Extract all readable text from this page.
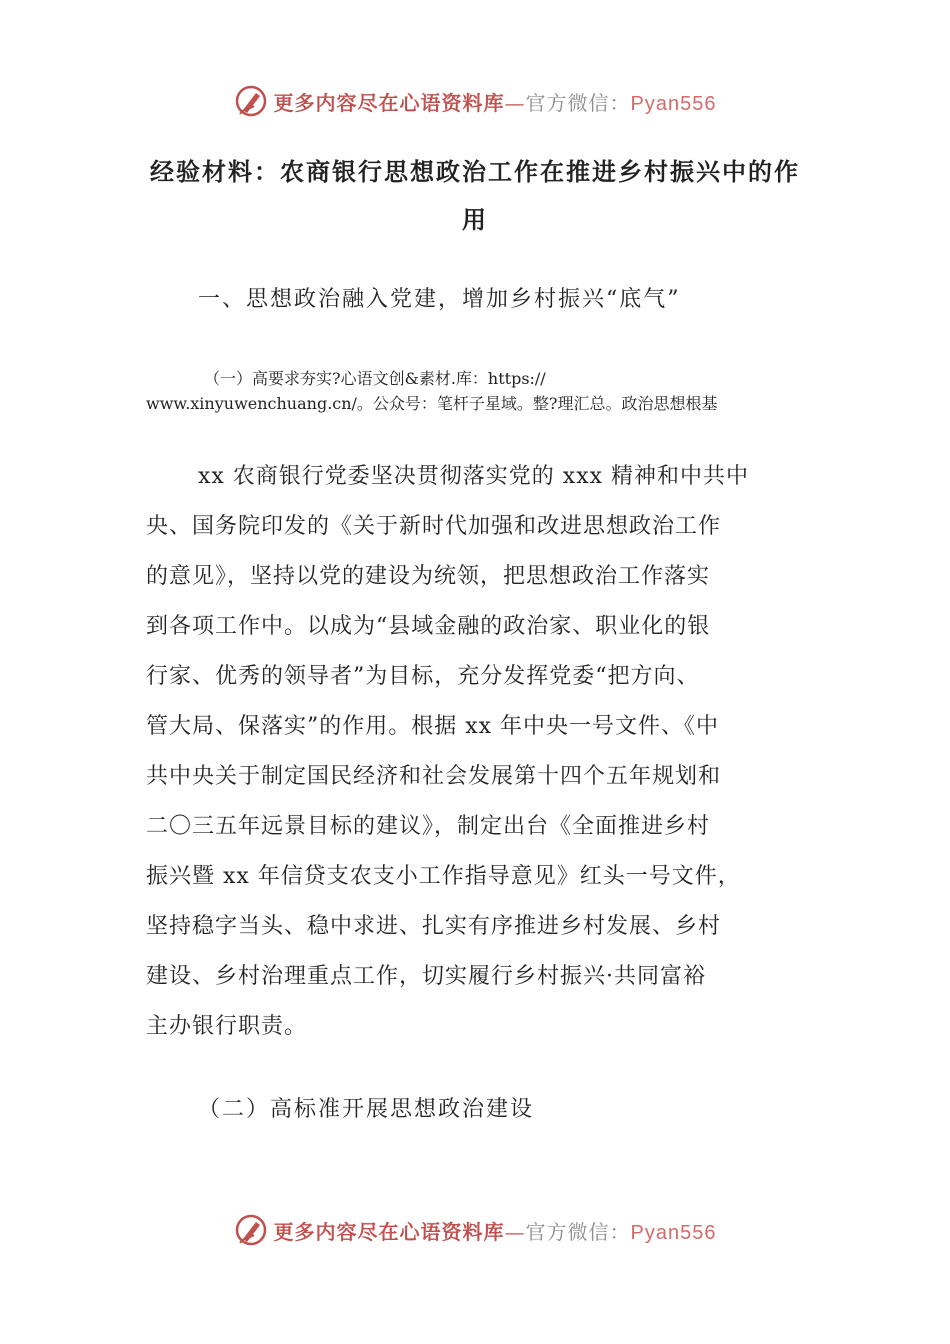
更多内容尽在心语资料库—官方微信：Pyan556
经验材料：农商银行思想政治工作在推进乡村振兴中的作用
一、思想政治融入党建，增加乡村振兴“底气”
（一）高要求夯实?心语文创&素材.库：https://
www.xinyuwenchuang.cn/。公众号：笔杆子星域。整?理汇总。政治思想根基
xx 农商银行党委坚决贯彻落实党的 xxx 精神和中共中
央、国务院印发的《关于新时代加强和改进思想政治工作
的意见》，坚持以党的建设为统领，把思想政治工作落实
到各项工作中。以成为“县域金融的政治家、职业化的银
行家、优秀的领导者”为目标，充分发挥党委“把方向、
管大局、保落实”的作用。根据 xx 年中央一号文件、《中
共中央关于制定国民经济和社会发展第十四个五年规划和
二〇三五年远景目标的建议》，制定出台《全面推进乡村
振兴暨 xx 年信贷支农支小工作指导意见》红头一号文件，
坚持稳字当头、稳中求进、扎实有序推进乡村发展、乡村
建设、乡村治理重点工作，切实履行乡村振兴·共同富裕
主办银行职责。
（二）高标准开展思想政治建设
更多内容尽在心语资料库—官方微信：Pyan556
